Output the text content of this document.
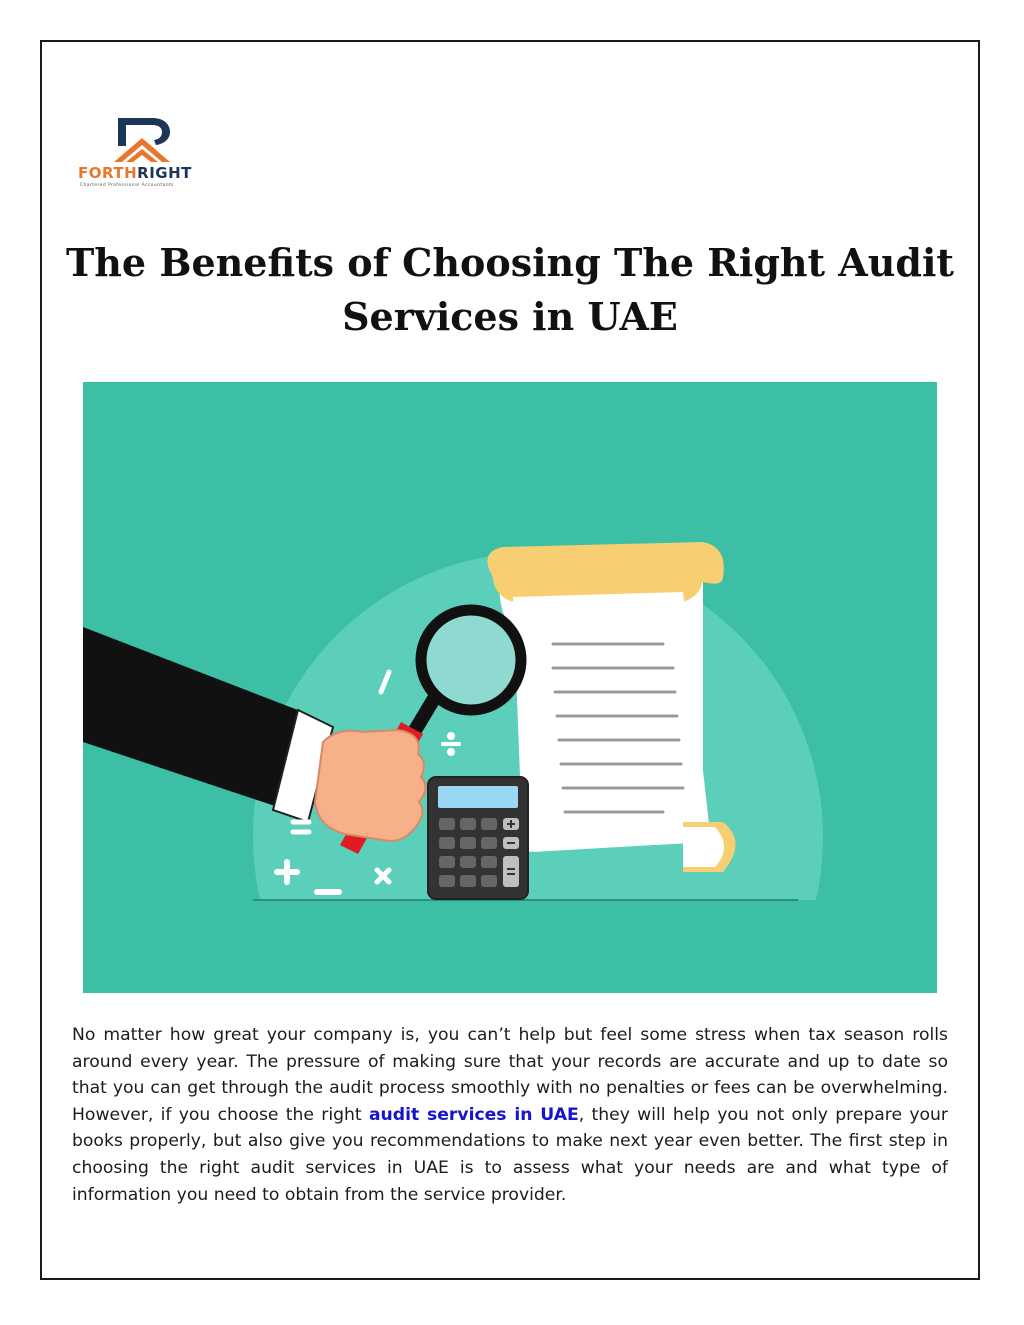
FORTHRIGHT
Chartered Professional Accountants
The Benefits of Choosing The Right Audit
Services in UAE

No matter how great your company is, you can’t help but feel some stress when tax season rolls around every year. The pressure of making sure that your records are accurate and up to date so that you can get through the audit process smoothly with no penalties or fees can be overwhelming. However, if you choose the right audit services in UAE, they will help you not only prepare your books properly, but also give you recommendations to make next year even better. The first step in choosing the right audit services in UAE is to assess what your needs are and what type of information you need to obtain from the service provider.
